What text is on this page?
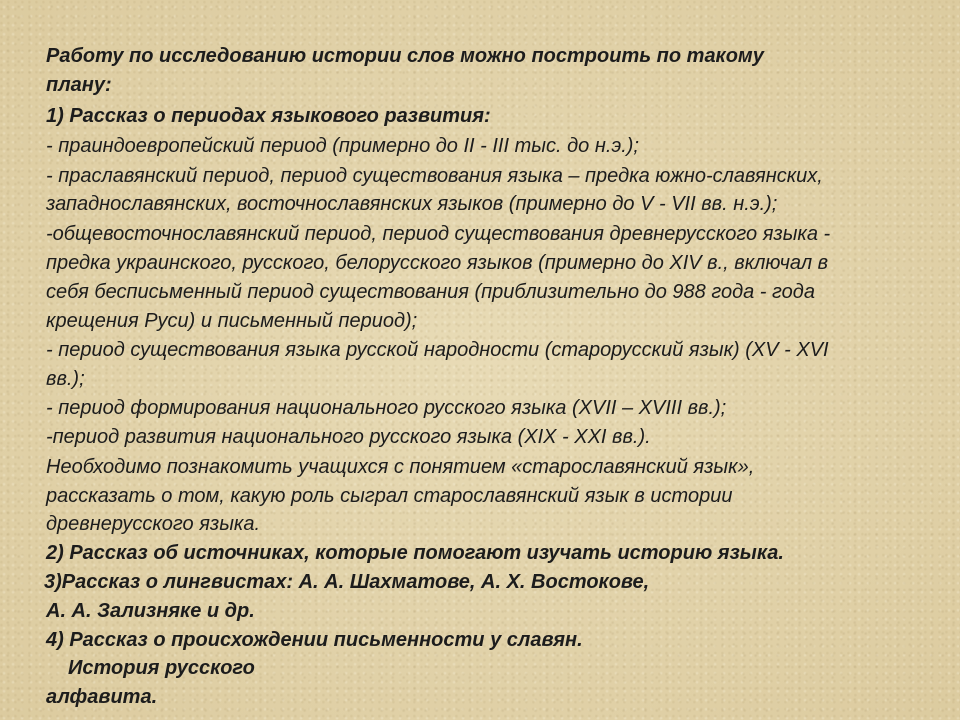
Работу по исследованию истории слов можно построить по такому
плану:
1) Рассказ о периодах языкового развития:
- праиндоевропейский период (примерно до II - III тыс. до н.э.);
- праславянский период, период существования языка – предка южно-славянских,
западнославянских, восточнославянских языков (примерно до V - VII вв. н.э.);
-общевосточнославянский период, период существования древнерусского языка -
предка украинского, русского, белорусского языков (примерно до XIV в., включал в
себя бесписьменный период существования (приблизительно до 988 года - года
крещения Руси) и письменный период);
- период существования языка русской народности (старорусский язык) (XV - XVI
вв.);
- период формирования национального русского языка (XVII – XVIII вв.);
-период развития национального русского языка (XIX - XXI вв.).
Необходимо познакомить учащихся с понятием «старославянский язык»,
рассказать о том, какую роль сыграл старославянский язык в истории
древнерусского языка.
2) Рассказ об источниках, которые помогают изучать историю языка.
3)Рассказ о лингвистах: А. А. Шахматове, А. Х. Востокове,
А. А. Зализняке и др.
4) Рассказ о происхождении письменности у славян.
История русского
алфавита.
